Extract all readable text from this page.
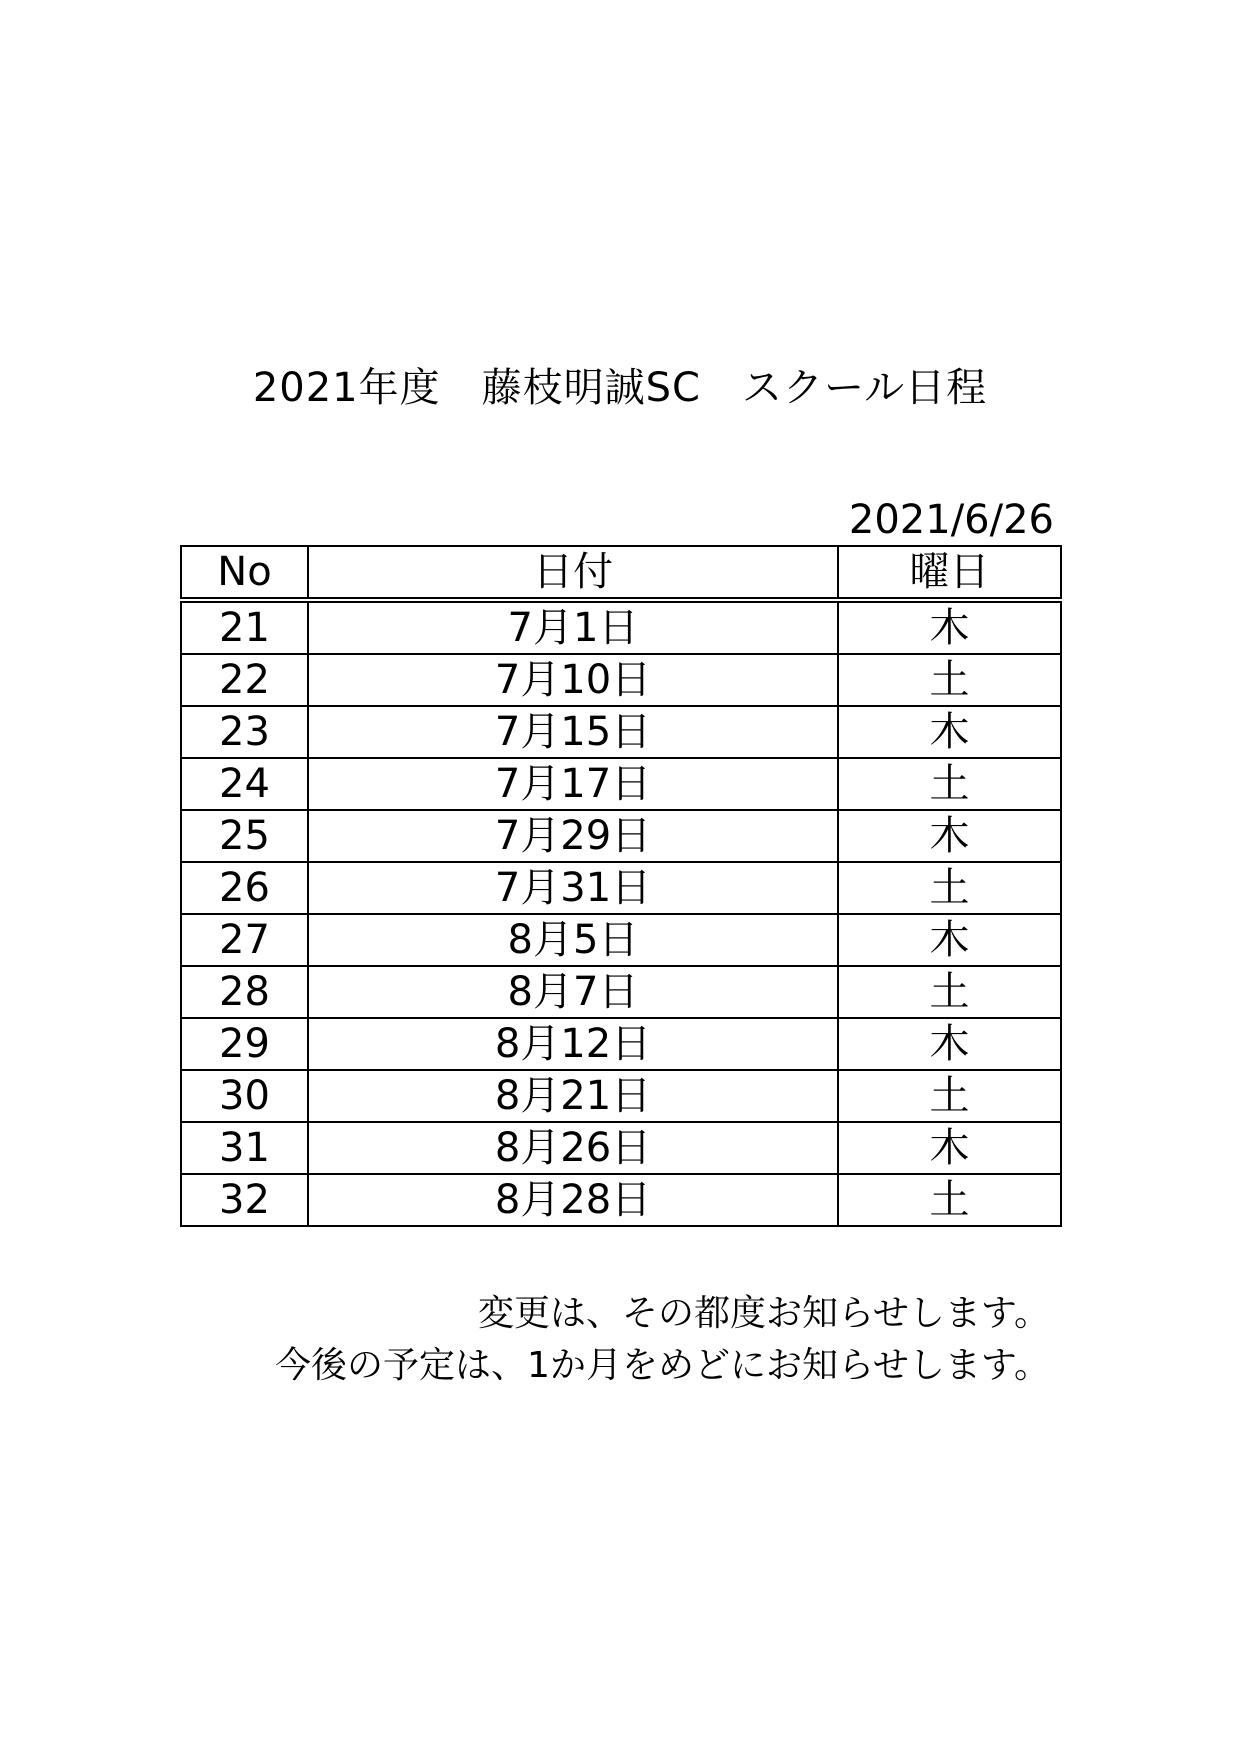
2021年度　藤枝明誠SC　スクール日程
2021/6/26
No	日付	曜日
21	7月1日	木
22	7月10日	土
23	7月15日	木
24	7月17日	土
25	7月29日	木
26	7月31日	土
27	8月5日	木
28	8月7日	土
29	8月12日	木
30	8月21日	土
31	8月26日	木
32	8月28日	土
変更は、その都度お知らせします。
今後の予定は、1か月をめどにお知らせします。
